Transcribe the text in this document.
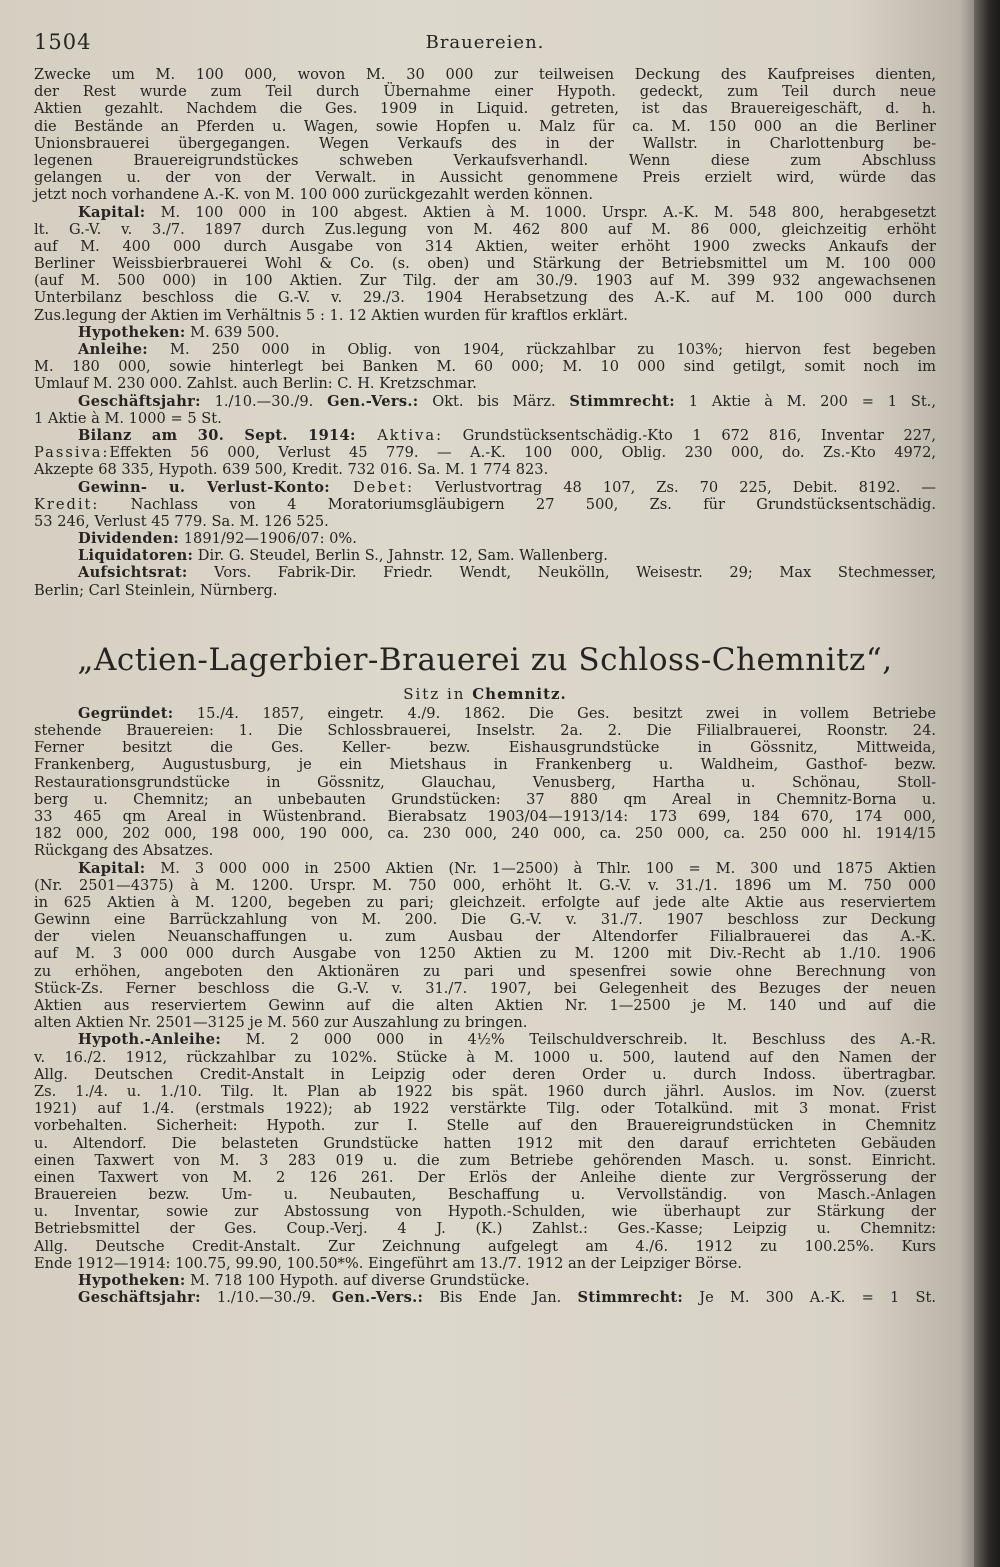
1504	Brauereien.
Zwecke um M. 100 000, wovon M. 30 000 zur teilweisen Deckung des Kaufpreises dienten,
der Rest wurde zum Teil durch Übernahme einer Hypoth. gedeckt, zum Teil durch neue
Aktien gezahlt. Nachdem die Ges. 1909 in Liquid. getreten, ist das Brauereigeschäft, d. h.
die Bestände an Pferden u. Wagen, sowie Hopfen u. Malz für ca. M. 150 000 an die Berliner
Unionsbrauerei übergegangen. Wegen Verkaufs des in der Wallstr. in Charlottenburg be-
legenen Brauereigrundstückes schweben Verkaufsverhandl. Wenn diese zum Abschluss
gelangen u. der von der Verwalt. in Aussicht genommene Preis erzielt wird, würde das
jetzt noch vorhandene A.-K. von M. 100 000 zurückgezahlt werden können.
Kapital: M. 100 000 in 100 abgest. Aktien à M. 1000. Urspr. A.-K. M. 548 800, herabgesetzt
lt. G.-V. v. 3./7. 1897 durch Zus.legung von M. 462 800 auf M. 86 000, gleichzeitig erhöht
auf M. 400 000 durch Ausgabe von 314 Aktien, weiter erhöht 1900 zwecks Ankaufs der
Berliner Weissbierbrauerei Wohl & Co. (s. oben) und Stärkung der Betriebsmittel um M. 100 000
(auf M. 500 000) in 100 Aktien. Zur Tilg. der am 30./9. 1903 auf M. 399 932 angewachsenen
Unterbilanz beschloss die G.-V. v. 29./3. 1904 Herabsetzung des A.-K. auf M. 100 000 durch
Zus.legung der Aktien im Verhältnis 5 : 1. 12 Aktien wurden für kraftlos erklärt.
Hypotheken: M. 639 500.
Anleihe: M. 250 000 in Oblig. von 1904, rückzahlbar zu 103%; hiervon fest begeben
M. 180 000, sowie hinterlegt bei Banken M. 60 000; M. 10 000 sind getilgt, somit noch im
Umlauf M. 230 000. Zahlst. auch Berlin: C. H. Kretzschmar.
Geschäftsjahr: 1./10.—30./9. Gen.-Vers.: Okt. bis März. Stimmrecht: 1 Aktie à M. 200 = 1 St.,
1 Aktie à M. 1000 = 5 St.
Bilanz am 30. Sept. 1914: Aktiva: Grundstücksentschädig.-Kto 1 672 816, Inventar 227,
Passiva:Effekten 56 000, Verlust 45 779. — A.-K. 100 000, Oblig. 230 000, do. Zs.-Kto 4972,
Akzepte 68 335, Hypoth. 639 500, Kredit. 732 016. Sa. M. 1 774 823.
Gewinn- u. Verlust-Konto: Debet: Verlustvortrag 48 107, Zs. 70 225, Debit. 8192. —
Kredit: Nachlass von 4 Moratoriumsgläubigern 27 500, Zs. für Grundstücksentschädig.
53 246, Verlust 45 779. Sa. M. 126 525.
Dividenden: 1891/92—1906/07: 0%.
Liquidatoren: Dir. G. Steudel, Berlin S., Jahnstr. 12, Sam. Wallenberg.
Aufsichtsrat: Vors. Fabrik-Dir. Friedr. Wendt, Neukölln, Weisestr. 29; Max Stechmesser,
Berlin; Carl Steinlein, Nürnberg.
„Actien-Lagerbier-Brauerei zu Schloss-Chemnitz“,
Sitz in Chemnitz.
Gegründet: 15./4. 1857, eingetr. 4./9. 1862. Die Ges. besitzt zwei in vollem Betriebe
stehende Brauereien: 1. Die Schlossbrauerei, Inselstr. 2a. 2. Die Filialbrauerei, Roonstr. 24.
Ferner besitzt die Ges. Keller- bezw. Eishausgrundstücke in Gössnitz, Mittweida,
Frankenberg, Augustusburg, je ein Mietshaus in Frankenberg u. Waldheim, Gasthof- bezw.
Restaurationsgrundstücke in Gössnitz, Glauchau, Venusberg, Hartha u. Schönau, Stoll-
berg u. Chemnitz; an unbebauten Grundstücken: 37 880 qm Areal in Chemnitz-Borna u.
33 465 qm Areal in Wüstenbrand. Bierabsatz 1903/04—1913/14: 173 699, 184 670, 174 000,
182 000, 202 000, 198 000, 190 000, ca. 230 000, 240 000, ca. 250 000, ca. 250 000 hl. 1914/15
Rückgang des Absatzes.
Kapital: M. 3 000 000 in 2500 Aktien (Nr. 1—2500) à Thlr. 100 = M. 300 und 1875 Aktien
(Nr. 2501—4375) à M. 1200. Urspr. M. 750 000, erhöht lt. G.-V. v. 31./1. 1896 um M. 750 000
in 625 Aktien à M. 1200, begeben zu pari; gleichzeit. erfolgte auf jede alte Aktie aus reserviertem
Gewinn eine Barrückzahlung von M. 200. Die G.-V. v. 31./7. 1907 beschloss zur Deckung
der vielen Neuanschaffungen u. zum Ausbau der Altendorfer Filialbrauerei das A.-K.
auf M. 3 000 000 durch Ausgabe von 1250 Aktien zu M. 1200 mit Div.-Recht ab 1./10. 1906
zu erhöhen, angeboten den Aktionären zu pari und spesenfrei sowie ohne Berechnung von
Stück-Zs. Ferner beschloss die G.-V. v. 31./7. 1907, bei Gelegenheit des Bezuges der neuen
Aktien aus reserviertem Gewinn auf die alten Aktien Nr. 1—2500 je M. 140 und auf die
alten Aktien Nr. 2501—3125 je M. 560 zur Auszahlung zu bringen.
Hypoth.-Anleihe: M. 2 000 000 in 4½% Teilschuldverschreib. lt. Beschluss des A.-R.
v. 16./2. 1912, rückzahlbar zu 102%. Stücke à M. 1000 u. 500, lautend auf den Namen der
Allg. Deutschen Credit-Anstalt in Leipzig oder deren Order u. durch Indoss. übertragbar.
Zs. 1./4. u. 1./10. Tilg. lt. Plan ab 1922 bis spät. 1960 durch jährl. Auslos. im Nov. (zuerst
1921) auf 1./4. (erstmals 1922); ab 1922 verstärkte Tilg. oder Totalkünd. mit 3 monat. Frist
vorbehalten. Sicherheit: Hypoth. zur I. Stelle auf den Brauereigrundstücken in Chemnitz
u. Altendorf. Die belasteten Grundstücke hatten 1912 mit den darauf errichteten Gebäuden
einen Taxwert von M. 3 283 019 u. die zum Betriebe gehörenden Masch. u. sonst. Einricht.
einen Taxwert von M. 2 126 261. Der Erlös der Anleihe diente zur Vergrösserung der
Brauereien bezw. Um- u. Neubauten, Beschaffung u. Vervollständig. von Masch.-Anlagen
u. Inventar, sowie zur Abstossung von Hypoth.-Schulden, wie überhaupt zur Stärkung der
Betriebsmittel der Ges. Coup.-Verj. 4 J. (K.) Zahlst.: Ges.-Kasse; Leipzig u. Chemnitz:
Allg. Deutsche Credit-Anstalt. Zur Zeichnung aufgelegt am 4./6. 1912 zu 100.25%. Kurs
Ende 1912—1914: 100.75, 99.90, 100.50*%. Eingeführt am 13./7. 1912 an der Leipziger Börse.
Hypotheken: M. 718 100 Hypoth. auf diverse Grundstücke.
Geschäftsjahr: 1./10.—30./9. Gen.-Vers.: Bis Ende Jan. Stimmrecht: Je M. 300 A.-K. = 1 St.
